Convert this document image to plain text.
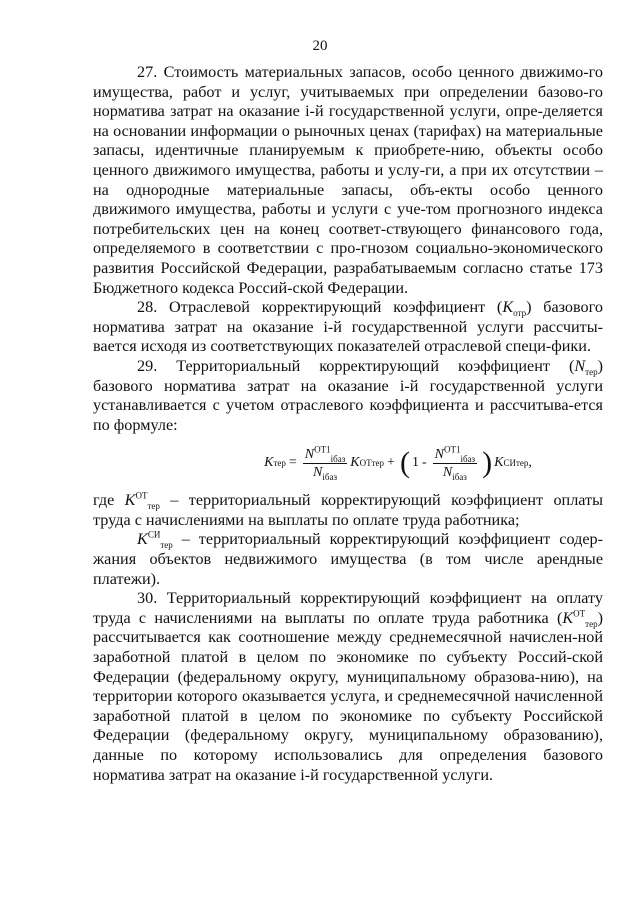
20

27. Стоимость материальных запасов, особо ценного движимо-го имущества, работ и услуг, учитываемых при определении базово-го норматива затрат на оказание i-й государственной услуги, опре-деляется на основании информации о рыночных ценах (тарифах) на материальные запасы, идентичные планируемым к приобрете-нию, объекты особо ценного движимого имущества, работы и услу-ги, а при их отсутствии – на однородные материальные запасы, объ-екты особо ценного движимого имущества, работы и услуги с уче-том прогнозного индекса потребительских цен на конец соответ-ствующего финансового года, определяемого в соответствии с про-гнозом социально-экономического развития Российской Федерации, разрабатываемым согласно статье 173 Бюджетного кодекса Россий-ской Федерации.

28. Отраслевой корректирующий коэффициент $(K_{отр})$ базового норматива затрат на оказание i-й государственной услуги рассчиты-вается исходя из соответствующих показателей отраслевой специ-фики.

29. Территориальный корректирующий коэффициент $(N_{тер})$ базового норматива затрат на оказание i-й государственной услуги устанавливается с учетом отраслевого коэффициента и рассчитыва-ется по формуле:

K тер = $\frac{N^{ОТ1}_{iбаз}}{N_{iбаз}}$ K ОТ тер + ( $1 - \frac{N^{ОТ1}_{iбаз}}{N_{iбаз}}$ ) K СИ тер ,

где $K^{ОТ}_{тер}$ – территориальный корректирующий коэффициент оплаты труда с начислениями на выплаты по оплате труда работника;

$K^{СИ}_{тер}$ – территориальный корректирующий коэффициент содер-жания объектов недвижимого имущества (в том числе арендные платежи).

30. Территориальный корректирующий коэффициент на оплату труда с начислениями на выплаты по оплате труда работника $(K^{ОТ}_{тер})$ рассчитывается как соотношение между среднемесячной начислен-ной заработной платой в целом по экономике по субъекту Россий-ской Федерации (федеральному округу, муниципальному образова-нию), на территории которого оказывается услуга, и среднемесячной начисленной заработной платой в целом по экономике по субъекту Российской Федерации (федеральному округу, муниципальному образованию), данные по которому использовались для определения базового норматива затрат на оказание i-й государственной услуги.
